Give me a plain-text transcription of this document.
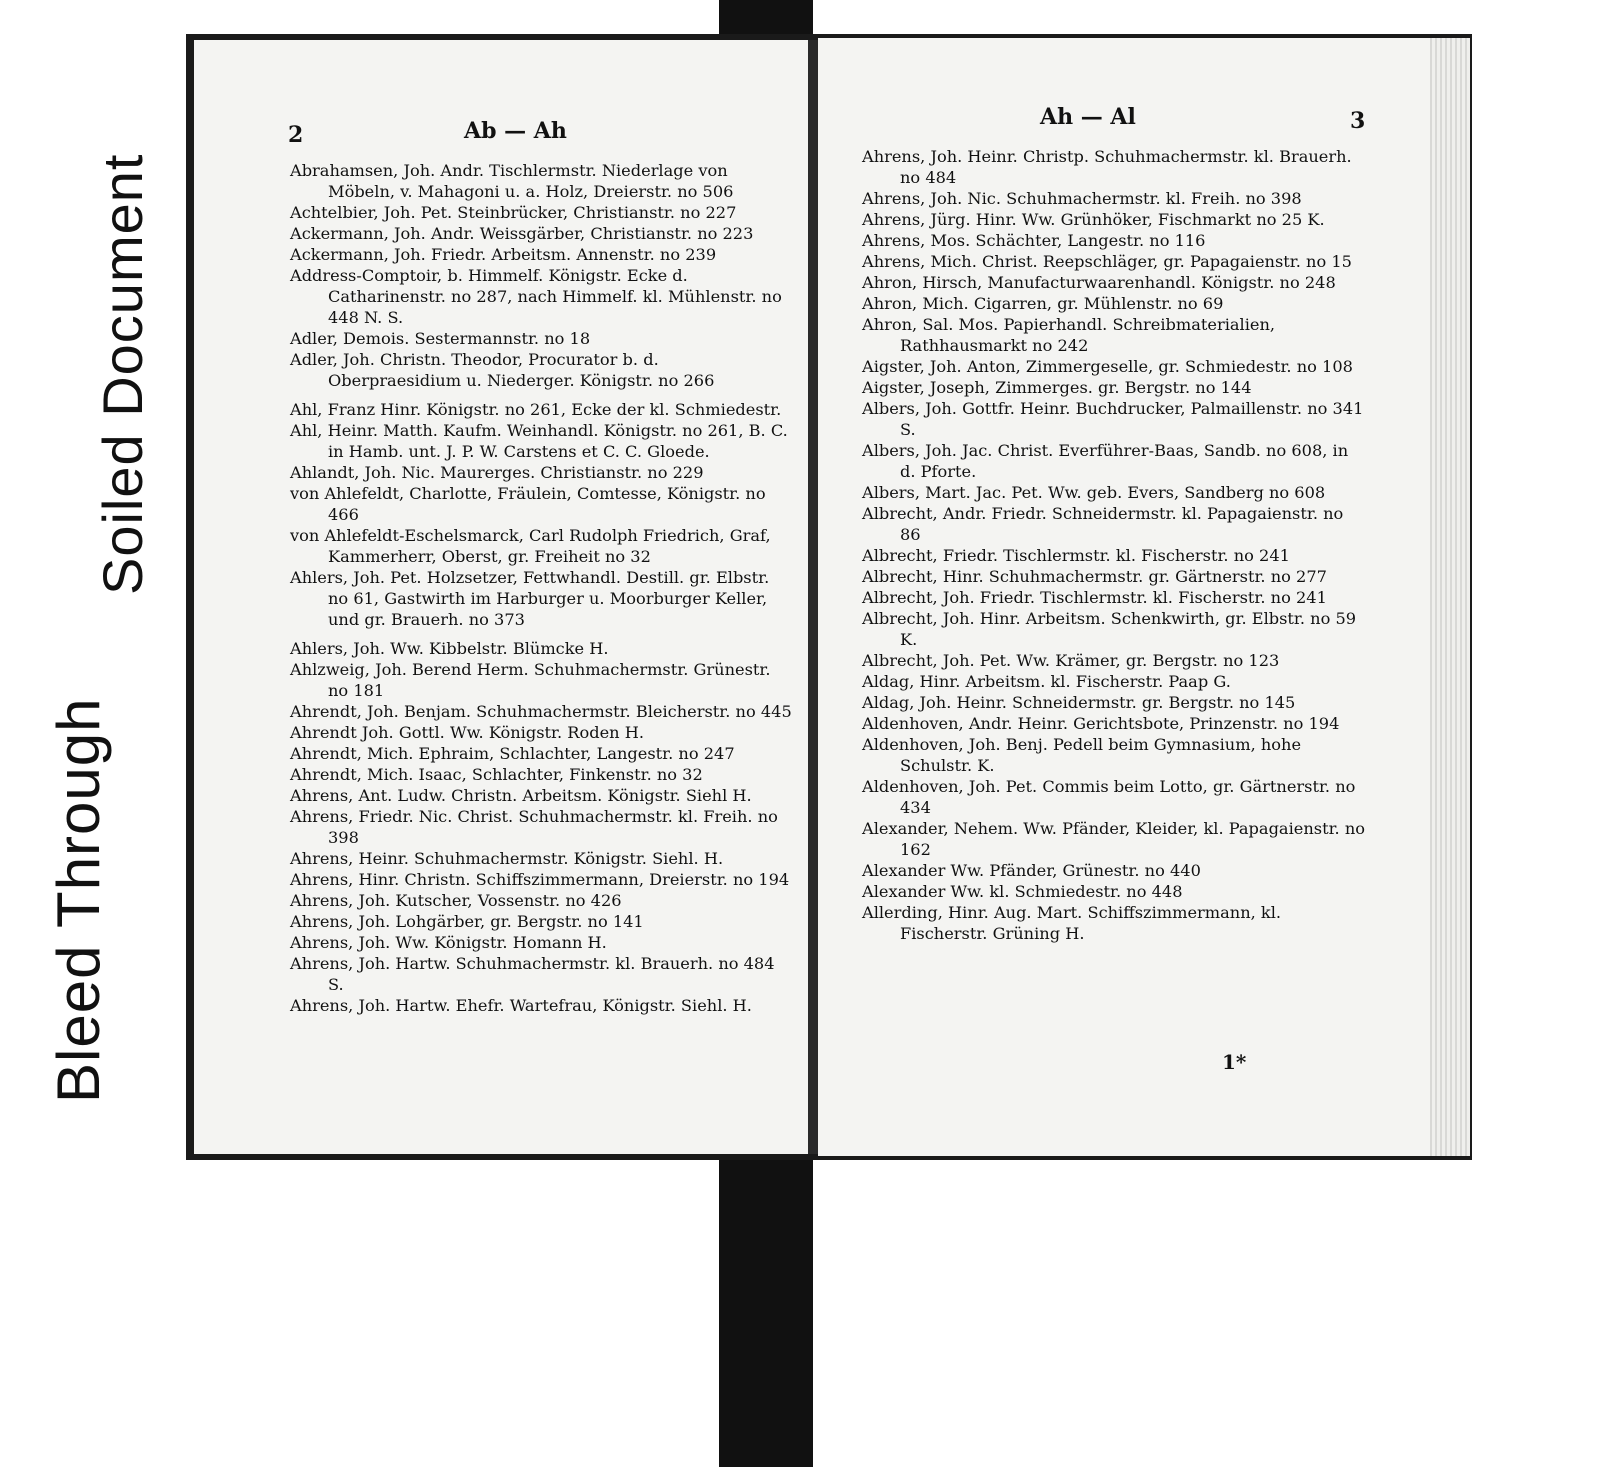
Bleed Through
Soiled Document
2	Ab — Ah
Ah — Al	3

Abrahamsen, Joh. Andr. Tischlermstr. Niederlage von Möbeln, v. Mahagoni u. a. Holz, Dreierstr. no 506

Achtelbier, Joh. Pet. Steinbrücker, Christianstr. no 227

Ackermann, Joh. Andr. Weissgärber, Christianstr. no 223

Ackermann, Joh. Friedr. Arbeitsm. Annenstr. no 239

Address-Comptoir, b. Himmelf. Königstr. Ecke d. Catharinenstr. no 287, nach Himmelf. kl. Mühlenstr. no 448 N. S.

Adler, Demois. Sestermannstr. no 18

Adler, Joh. Christn. Theodor, Procurator b. d. Oberpraesidium u. Niederger. Königstr. no 266

Ahl, Franz Hinr. Königstr. no 261, Ecke der kl. Schmiedestr.

Ahl, Heinr. Matth. Kaufm. Weinhandl. Königstr. no 261, B. C. in Hamb. unt. J. P. W. Carstens et C. C. Gloede.

Ahlandt, Joh. Nic. Maurerges. Christianstr. no 229

von Ahlefeldt, Charlotte, Fräulein, Comtesse, Königstr. no 466

von Ahlefeldt-Eschelsmarck, Carl Rudolph Friedrich, Graf, Kammerherr, Oberst, gr. Freiheit no 32

Ahlers, Joh. Pet. Holzsetzer, Fettwhandl. Destill. gr. Elbstr. no 61, Gastwirth im Harburger u. Moorburger Keller, und gr. Brauerh. no 373

Ahlers, Joh. Ww. Kibbelstr. Blümcke H.

Ahlzweig, Joh. Berend Herm. Schuhmachermstr. Grünestr. no 181

Ahrendt, Joh. Benjam. Schuhmachermstr. Bleicherstr. no 445

Ahrendt Joh. Gottl. Ww. Königstr. Roden H.

Ahrendt, Mich. Ephraim, Schlachter, Langestr. no 247

Ahrendt, Mich. Isaac, Schlachter, Finkenstr. no 32

Ahrens, Ant. Ludw. Christn. Arbeitsm. Königstr. Siehl H.

Ahrens, Friedr. Nic. Christ. Schuhmachermstr. kl. Freih. no 398

Ahrens, Heinr. Schuhmachermstr. Königstr. Siehl. H.

Ahrens, Hinr. Christn. Schiffszimmermann, Dreierstr. no 194

Ahrens, Joh. Kutscher, Vossenstr. no 426

Ahrens, Joh. Lohgärber, gr. Bergstr. no 141

Ahrens, Joh. Ww. Königstr. Homann H.

Ahrens, Joh. Hartw. Schuhmachermstr. kl. Brauerh. no 484 S.

Ahrens, Joh. Hartw. Ehefr. Wartefrau, Königstr. Siehl. H.

Ahrens, Joh. Heinr. Christp. Schuhmachermstr. kl. Brauerh. no 484

Ahrens, Joh. Nic. Schuhmachermstr. kl. Freih. no 398

Ahrens, Jürg. Hinr. Ww. Grünhöker, Fischmarkt no 25 K.

Ahrens, Mos. Schächter, Langestr. no 116

Ahrens, Mich. Christ. Reepschläger, gr. Papagaienstr. no 15

Ahron, Hirsch, Manufacturwaarenhandl. Königstr. no 248

Ahron, Mich. Cigarren, gr. Mühlenstr. no 69

Ahron, Sal. Mos. Papierhandl. Schreibmaterialien, Rathhausmarkt no 242

Aigster, Joh. Anton, Zimmergeselle, gr. Schmiedestr. no 108

Aigster, Joseph, Zimmerges. gr. Bergstr. no 144

Albers, Joh. Gottfr. Heinr. Buchdrucker, Palmaillenstr. no 341 S.

Albers, Joh. Jac. Christ. Everführer-Baas, Sandb. no 608, in d. Pforte.

Albers, Mart. Jac. Pet. Ww. geb. Evers, Sandberg no 608

Albrecht, Andr. Friedr. Schneidermstr. kl. Papagaienstr. no 86

Albrecht, Friedr. Tischlermstr. kl. Fischerstr. no 241

Albrecht, Hinr. Schuhmachermstr. gr. Gärtnerstr. no 277

Albrecht, Joh. Friedr. Tischlermstr. kl. Fischerstr. no 241

Albrecht, Joh. Hinr. Arbeitsm. Schenkwirth, gr. Elbstr. no 59 K.

Albrecht, Joh. Pet. Ww. Krämer, gr. Bergstr. no 123

Aldag, Hinr. Arbeitsm. kl. Fischerstr. Paap G.

Aldag, Joh. Heinr. Schneidermstr. gr. Bergstr. no 145

Aldenhoven, Andr. Heinr. Gerichtsbote, Prinzenstr. no 194

Aldenhoven, Joh. Benj. Pedell beim Gymnasium, hohe Schulstr. K.

Aldenhoven, Joh. Pet. Commis beim Lotto, gr. Gärtnerstr. no 434

Alexander, Nehem. Ww. Pfänder, Kleider, kl. Papagaienstr. no 162

Alexander Ww. Pfänder, Grünestr. no 440

Alexander Ww. kl. Schmiedestr. no 448

Allerding, Hinr. Aug. Mart. Schiffszimmermann, kl. Fischerstr. Grüning H.

1*
